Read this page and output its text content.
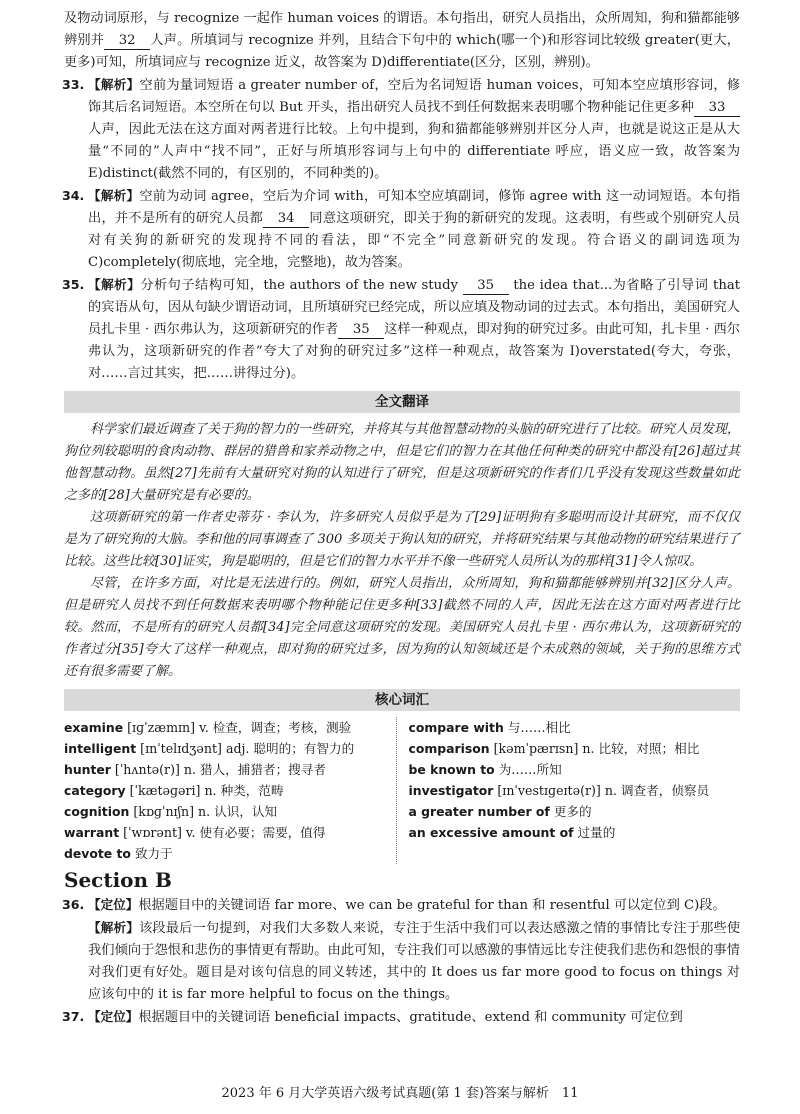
及物动词原形，与 recognize 一起作 human voices 的谓语。本句指出，研究人员指出，众所周知，狗和猫都能够辨别并 32 人声。所填词与 recognize 并列，且结合下句中的 which(哪一个)和形容词比较级 greater(更大，更多)可知，所填词应与 recognize 近义，故答案为 D)differentiate(区分，区别，辨别)。

33. 【解析】空前为量词短语 a greater number of，空后为名词短语 human voices，可知本空应填形容词，修饰其后名词短语。本空所在句以 But 开头，指出研究人员找不到任何数据来表明哪个物种能记住更多种 33人声，因此无法在这方面对两者进行比较。上句中提到，狗和猫都能够辨别并区分人声，也就是说这正是从大量“不同的”人声中“找不同”，正好与所填形容词与上句中的 differentiate 呼应，语义应一致，故答案为 E)distinct(截然不同的，有区别的，不同种类的)。

34. 【解析】空前为动词 agree，空后为介词 with，可知本空应填副词，修饰 agree with 这一动词短语。本句指出，并不是所有的研究人员都 34 同意这项研究，即关于狗的新研究的发现。这表明，有些或个别研究人员对有关狗的新研究的发现持不同的看法，即“不完全”同意新研究的发现。符合语义的副词选项为 C)completely(彻底地，完全地，完整地)，故为答案。

35. 【解析】分析句子结构可知，the authors of the new study 35 the idea that...为省略了引导词 that 的宾语从句，因从句缺少谓语动词，且所填研究已经完成，所以应填及物动词的过去式。本句指出，美国研究人员扎卡里 · 西尔弗认为，这项新研究的作者 35 这样一种观点，即对狗的研究过多。由此可知，扎卡里 · 西尔弗认为，这项新研究的作者“夸大了对狗的研究过多”这样一种观点，故答案为 I)overstated(夸大，夸张，对……言过其实，把……讲得过分)。

全文翻译

科学家们最近调查了关于狗的智力的一些研究，并将其与其他智慧动物的头脑的研究进行了比较。研究人员发现，狗位列较聪明的食肉动物、群居的猎兽和家养动物之中，但是它们的智力在其他任何种类的研究中都没有[26]超过其他智慧动物。虽然[27]先前有大量研究对狗的认知进行了研究，但是这项新研究的作者们几乎没有发现这些数量如此之多的[28]大量研究是有必要的。

这项新研究的第一作者史蒂芬 · 李认为，许多研究人员似乎是为了[29]证明狗有多聪明而设计其研究，而不仅仅是为了研究狗的大脑。李和他的同事调查了 300 多项关于狗认知的研究，并将研究结果与其他动物的研究结果进行了比较。这些比较[30]证实，狗是聪明的，但是它们的智力水平并不像一些研究人员所认为的那样[31]令人惊叹。

尽管，在许多方面，对比是无法进行的。例如，研究人员指出，众所周知，狗和猫都能够辨别并[32]区分人声。但是研究人员找不到任何数据来表明哪个物种能记住更多种[33]截然不同的人声，因此无法在这方面对两者进行比较。然而，不是所有的研究人员都[34]完全同意这项研究的发现。美国研究人员扎卡里 · 西尔弗认为，这项新研究的作者过分[35]夸大了这样一种观点，即对狗的研究过多，因为狗的认知领域还是个未成熟的领域，关于狗的思维方式还有很多需要了解。

核心词汇
examine [ɪɡˈzæmɪn] v. 检查，调查；考核，测验
intelligent [ɪnˈtelɪdʒənt] adj. 聪明的；有智力的
hunter [ˈhʌntə(r)] n. 猎人，捕猎者；搜寻者
category [ˈkætəɡəri] n. 种类，范畴
cognition [kɒɡˈnɪʃn] n. 认识，认知
warrant [ˈwɒrənt] v. 使有必要；需要，值得
devote to 致力于
compare with 与……相比
comparison [kəmˈpærɪsn] n. 比较，对照；相比
be known to 为……所知
investigator [ɪnˈvestɪɡeɪtə(r)] n. 调查者，侦察员
a greater number of 更多的
an excessive amount of 过量的
Section B

36. 【定位】根据题目中的关键词语 far more、we can be grateful for than 和 resentful 可以定位到 C)段。

【解析】该段最后一句提到，对我们大多数人来说，专注于生活中我们可以表达感激之情的事情比专注于那些使我们倾向于怨恨和悲伤的事情更有帮助。由此可知，专注我们可以感激的事情远比专注使我们悲伤和怨恨的事情对我们更有好处。题目是对该句信息的同义转述，其中的 It does us far more good to focus on things 对应该句中的 it is far more helpful to focus on the things。

37. 【定位】根据题目中的关键词语 beneficial impacts、gratitude、extend 和 community 可定位到

2023 年 6 月大学英语六级考试真题(第 1 套)答案与解析　11
